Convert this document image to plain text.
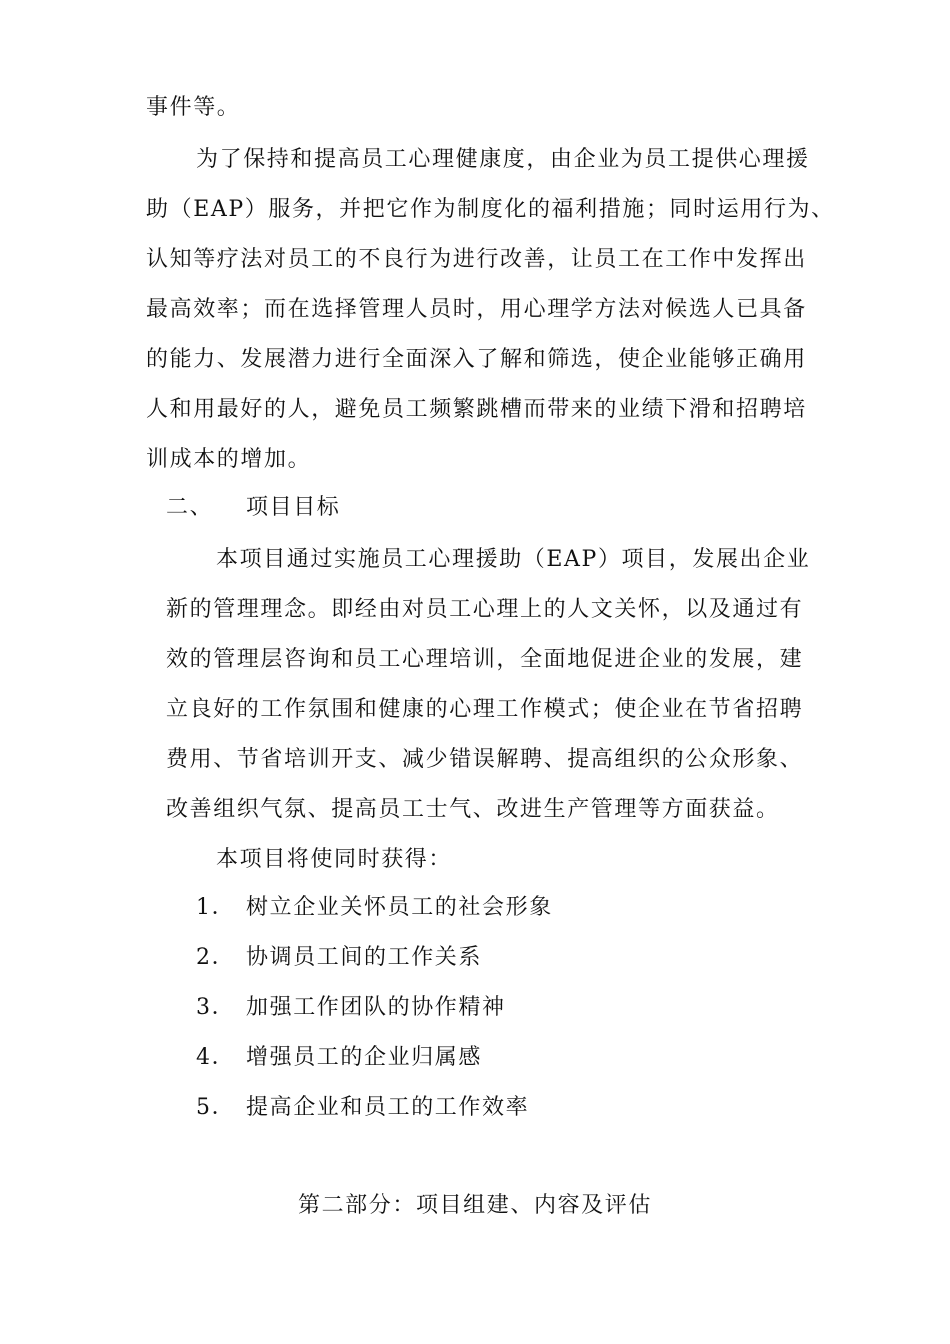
事件等。
为了保持和提高员工心理健康度，由企业为员工提供心理援
助（EAP）服务，并把它作为制度化的福利措施；同时运用行为、
认知等疗法对员工的不良行为进行改善，让员工在工作中发挥出
最高效率；而在选择管理人员时，用心理学方法对候选人已具备
的能力、发展潜力进行全面深入了解和筛选，使企业能够正确用
人和用最好的人，避免员工频繁跳槽而带来的业绩下滑和招聘培
训成本的增加。
二、 项目目标
本项目通过实施员工心理援助（EAP）项目，发展出企业
新的管理理念。即经由对员工心理上的人文关怀，以及通过有
效的管理层咨询和员工心理培训，全面地促进企业的发展，建
立良好的工作氛围和健康的心理工作模式；使企业在节省招聘
费用、节省培训开支、减少错误解聘、提高组织的公众形象、
改善组织气氛、提高员工士气、改进生产管理等方面获益。
本项目将使同时获得：
1． 树立企业关怀员工的社会形象
2． 协调员工间的工作关系
3． 加强工作团队的协作精神
4． 增强员工的企业归属感
5． 提高企业和员工的工作效率
第二部分：项目组建、内容及评估
